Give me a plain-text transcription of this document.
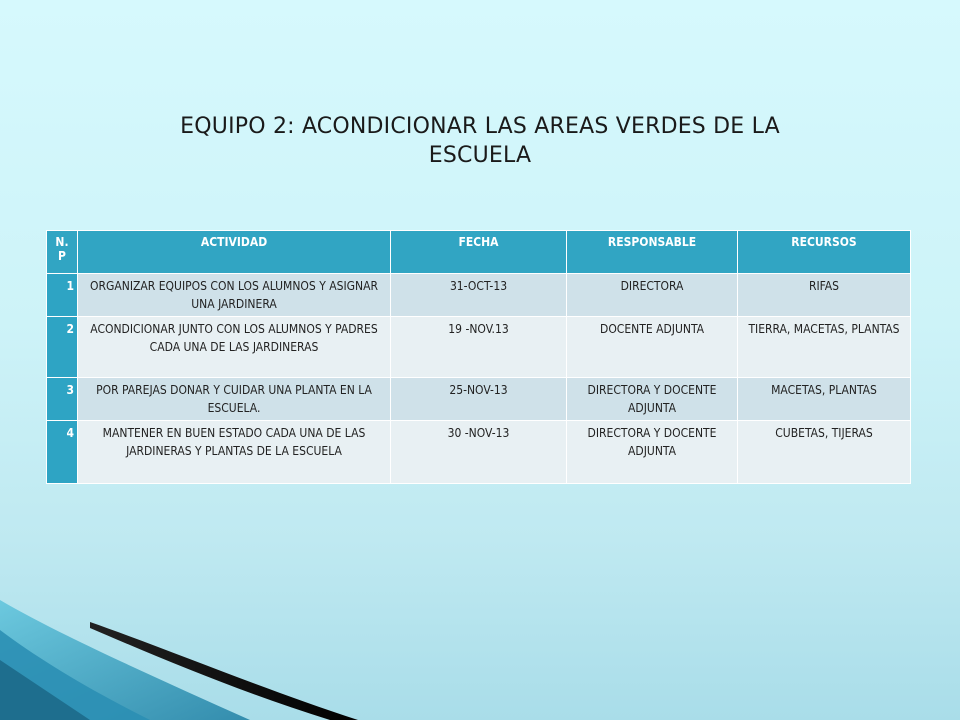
EQUIPO 2: ACONDICIONAR LAS AREAS VERDES DE LA ESCUELA
N. P	ACTIVIDAD	FECHA	RESPONSABLE	RECURSOS
1	ORGANIZAR EQUIPOS CON LOS ALUMNOS Y ASIGNAR UNA JARDINERA	31-OCT-13	DIRECTORA	RIFAS
2	ACONDICIONAR JUNTO CON LOS ALUMNOS Y PADRES CADA UNA DE LAS JARDINERAS	19 -NOV.13	DOCENTE ADJUNTA	TIERRA, MACETAS, PLANTAS
3	POR PAREJAS DONAR Y CUIDAR UNA PLANTA EN LA ESCUELA.	25-NOV-13	DIRECTORA Y DOCENTE ADJUNTA	MACETAS, PLANTAS
4	MANTENER EN BUEN ESTADO CADA UNA DE LAS JARDINERAS Y PLANTAS DE LA ESCUELA	30 -NOV-13	DIRECTORA Y DOCENTE ADJUNTA	CUBETAS, TIJERAS
